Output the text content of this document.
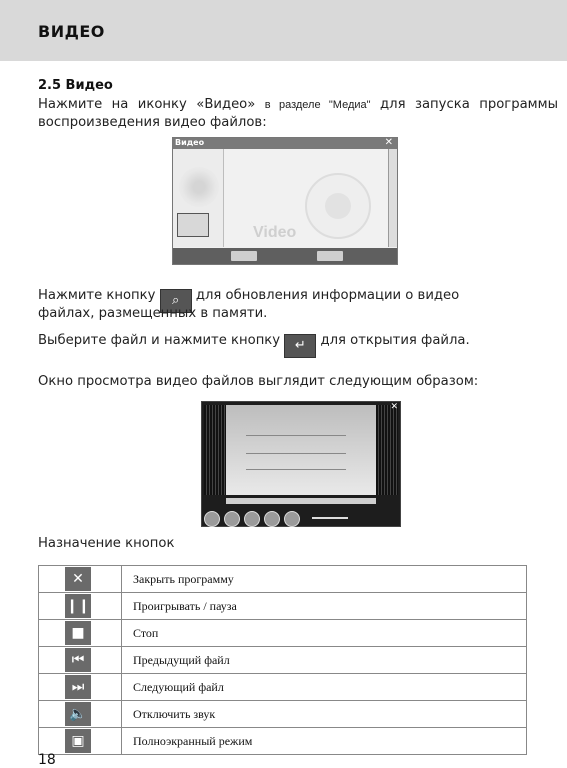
ВИДЕО
2.5 Видео
Нажмите на иконку «Видео» в разделе "Медиа" для запуска программы
воспроизведения видео файлов:
Видео	✕
Video
Нажмите кнопку ⌕ для обновления информации о видео
файлах, размещенных в памяти.
Выберите файл и нажмите кнопку ↵ для открытия файла.
Окно просмотра видео файлов выглядит следующим образом:
✕
Назначение кнопок
✕	Закрыть программу

❙❙	Проигрывать / пауза

■	Стоп

⏮	Предыдущий файл

⏭	Следующий файл

🔈	Отключить звук

▣	Полноэкранный режим
18
